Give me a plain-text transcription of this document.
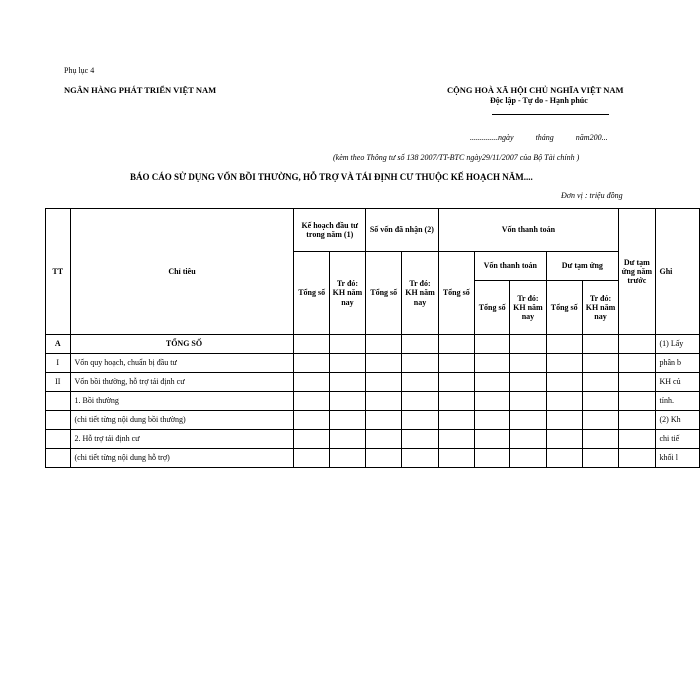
Phụ lục 4
NGÂN HÀNG PHÁT TRIỂN VIỆT NAM	CỘNG HOÀ XÃ HỘI CHỦ NGHĨA VIỆT NAM
Độc lập - Tự do - Hạnh phúc
..............ngày	tháng	năm200...
(kèm theo Thông tư số 138 2007/TT-BTC ngày29/11/2007 của Bộ Tài chính )
BÁO CÁO SỬ DỤNG VỐN BỒI THƯỜNG, HỖ TRỢ VÀ TÁI ĐỊNH CƯ THUỘC KẾ HOẠCH NĂM....
Đơn vị : triệu đồng
TT	Chỉ tiêu	Kế hoạch đầu tư trong năm (1)		Số vốn đã nhận (2)		Vốn thanh toán					Dư tạm ứng năm trước	Ghi
		Tổng số	Tr đó: KH năm nay	Tổng số	Tr đó: KH năm nay	Tổng số	Vốn thanh toán		Dư tạm ứng			
							Tổng số	Tr đó: KH năm nay	Tổng số	Tr đó: KH năm nay		
A	TỔNG SỐ											(1) Lấy
I	Vốn quy hoạch, chuẩn bị đầu tư											phân b
II	Vốn bồi thường, hỗ trợ tái định cư											KH củ
	1. Bồi thường											tỉnh.
	(chi tiết từng nội dung bồi thường)											(2) Kh
	2. Hỗ trợ tái định cư											chi tiế
	(chi tiết từng nội dung hỗ trợ)											khối l
